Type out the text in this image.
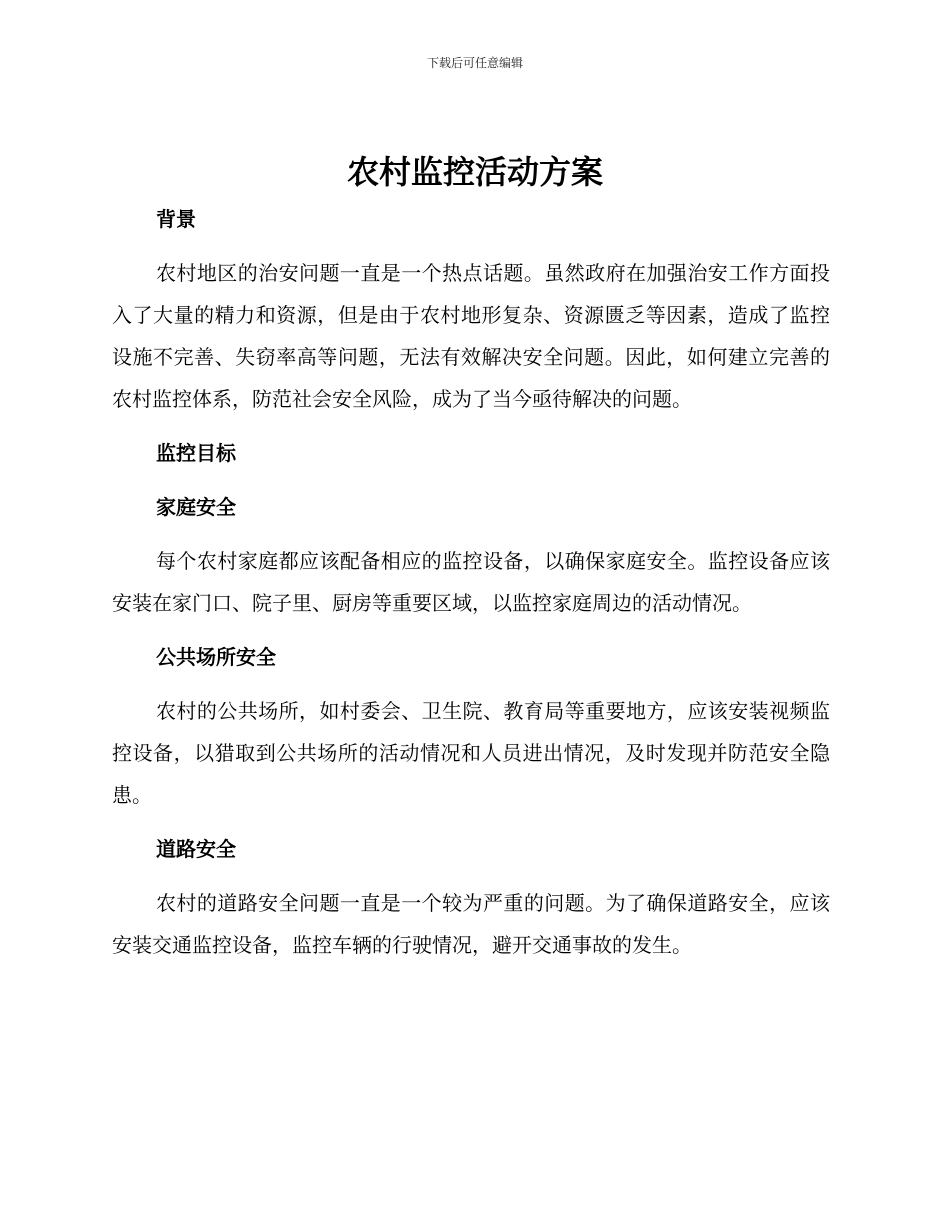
下载后可任意编辑
农村监控活动方案

背景

农村地区的治安问题一直是一个热点话题。虽然政府在加强治安工作方面投入了大量的精力和资源，但是由于农村地形复杂、资源匮乏等因素，造成了监控设施不完善、失窃率高等问题，无法有效解决安全问题。因此，如何建立完善的农村监控体系，防范社会安全风险，成为了当今亟待解决的问题。

监控目标

家庭安全

每个农村家庭都应该配备相应的监控设备，以确保家庭安全。监控设备应该安装在家门口、院子里、厨房等重要区域，以监控家庭周边的活动情况。

公共场所安全

农村的公共场所，如村委会、卫生院、教育局等重要地方，应该安装视频监控设备，以猎取到公共场所的活动情况和人员进出情况，及时发现并防范安全隐患。

道路安全

农村的道路安全问题一直是一个较为严重的问题。为了确保道路安全，应该安装交通监控设备，监控车辆的行驶情况，避开交通事故的发生。
